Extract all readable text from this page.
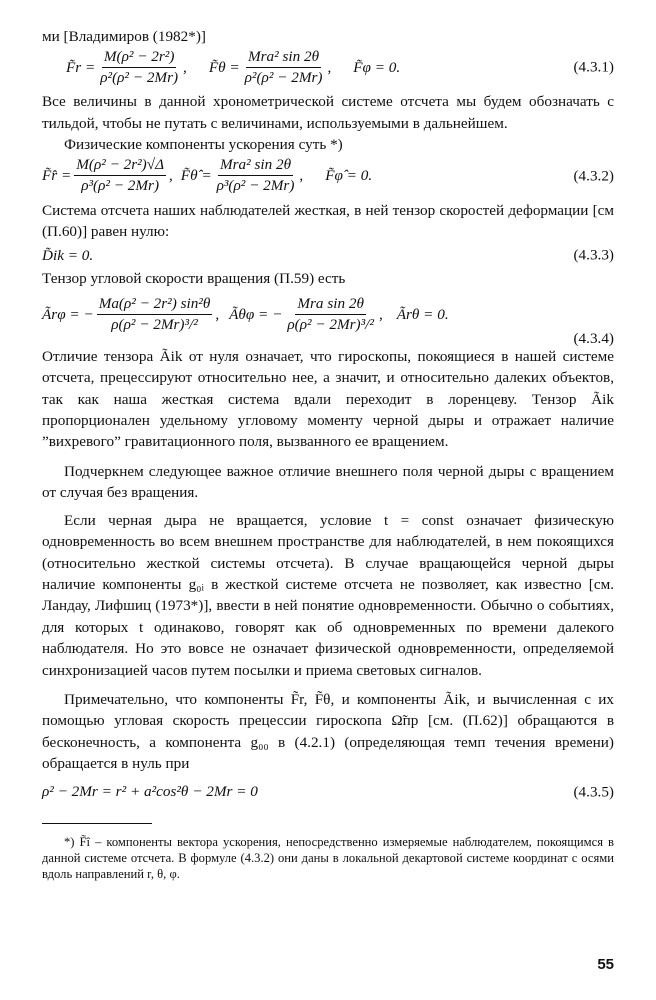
ми [Владимиров (1982*)]

F̃r = $\frac{\text{M(ρ² − 2r²)}}{\text{ρ²(ρ² − 2Mr)}}$ , F̃θ = $\frac{\text{Mra² sin 2θ}}{\text{ρ²(ρ² − 2Mr)}}$ , F̃φ = 0.	(4.3.1)

Все величины в данной хронометрической системе отсчета мы будем обозначать с тильдой, чтобы не путать с величинами, используемыми в дальнейшем.

Физические компоненты ускорения суть *)

F̃r̂ = $\frac{\text{M(ρ² − 2r²)√Δ}}{\text{ρ³(ρ² − 2Mr)}}$ , F̃θ̂ = $\frac{\text{Mra² sin 2θ}}{\text{ρ³(ρ² − 2Mr)}}$ , F̃φ̂ = 0.	(4.3.2)

Система отсчета наших наблюдателей жесткая, в ней тензор скоростей деформации [см (П.60)] равен нулю:

D̃ik = 0.	(4.3.3)

Тензор угловой скорости вращения (П.59) есть

Ãrφ = − $\frac{\text{Ma(ρ² − 2r²) sin²θ}}{\text{ρ(ρ² − 2Mr)³/²}}$ , Ãθφ = − $\frac{\text{Mra sin 2θ}}{\text{ρ(ρ² − 2Mr)³/²}}$ , Ãrθ = 0.
(4.3.4)

Отличие тензора Ãik от нуля означает, что гироскопы, покоящиеся в нашей системе отсчета, прецессируют относительно нее, а значит, и относительно далеких объектов, так как наша жесткая система вдали переходит в лоренцеву. Тензор Ãik пропорционален удельному угловому моменту черной дыры и отражает наличие ”вихревого” гравитационного поля, вызванного ее вращением.

Подчеркнем следующее важное отличие внешнего поля черной дыры с вращением от случая без вращения.

Если черная дыра не вращается, условие t = const означает физическую одновременность во всем внешнем пространстве для наблюдателей, в нем покоящихся (относительно жесткой системы отсчета). В случае вращающейся черной дыры наличие компоненты g₀ᵢ в жесткой системе отсчета не позволяет, как известно [см. Ландау, Лифшиц (1973*)], ввести в ней понятие одновременности. Обычно о событиях, для которых t одинаково, говорят как об одновременных по времени далекого наблюдателя. Но это вовсе не означает физической одновременности, определяемой синхронизацией часов путем посылки и приема световых сигналов.

Примечательно, что компоненты F̃r, F̃θ, и компоненты Ãik, и вычисленная с их помощью угловая скорость прецессии гироскопа Ω̃пр [см. (П.62)] обращаются в бесконечность, а компонента g₀₀ в (4.2.1) (определяющая темп течения времени) обращается в нуль при

ρ² − 2Mr = r² + a²cos²θ − 2Mr = 0	(4.3.5)

*) F̃î – компоненты вектора ускорения, непосредственно измеряемые наблюдателем, покоящимся в данной системе отсчета. В формуле (4.3.2) они даны в локальной декартовой системе координат с осями вдоль направлений r, θ, φ.

55
